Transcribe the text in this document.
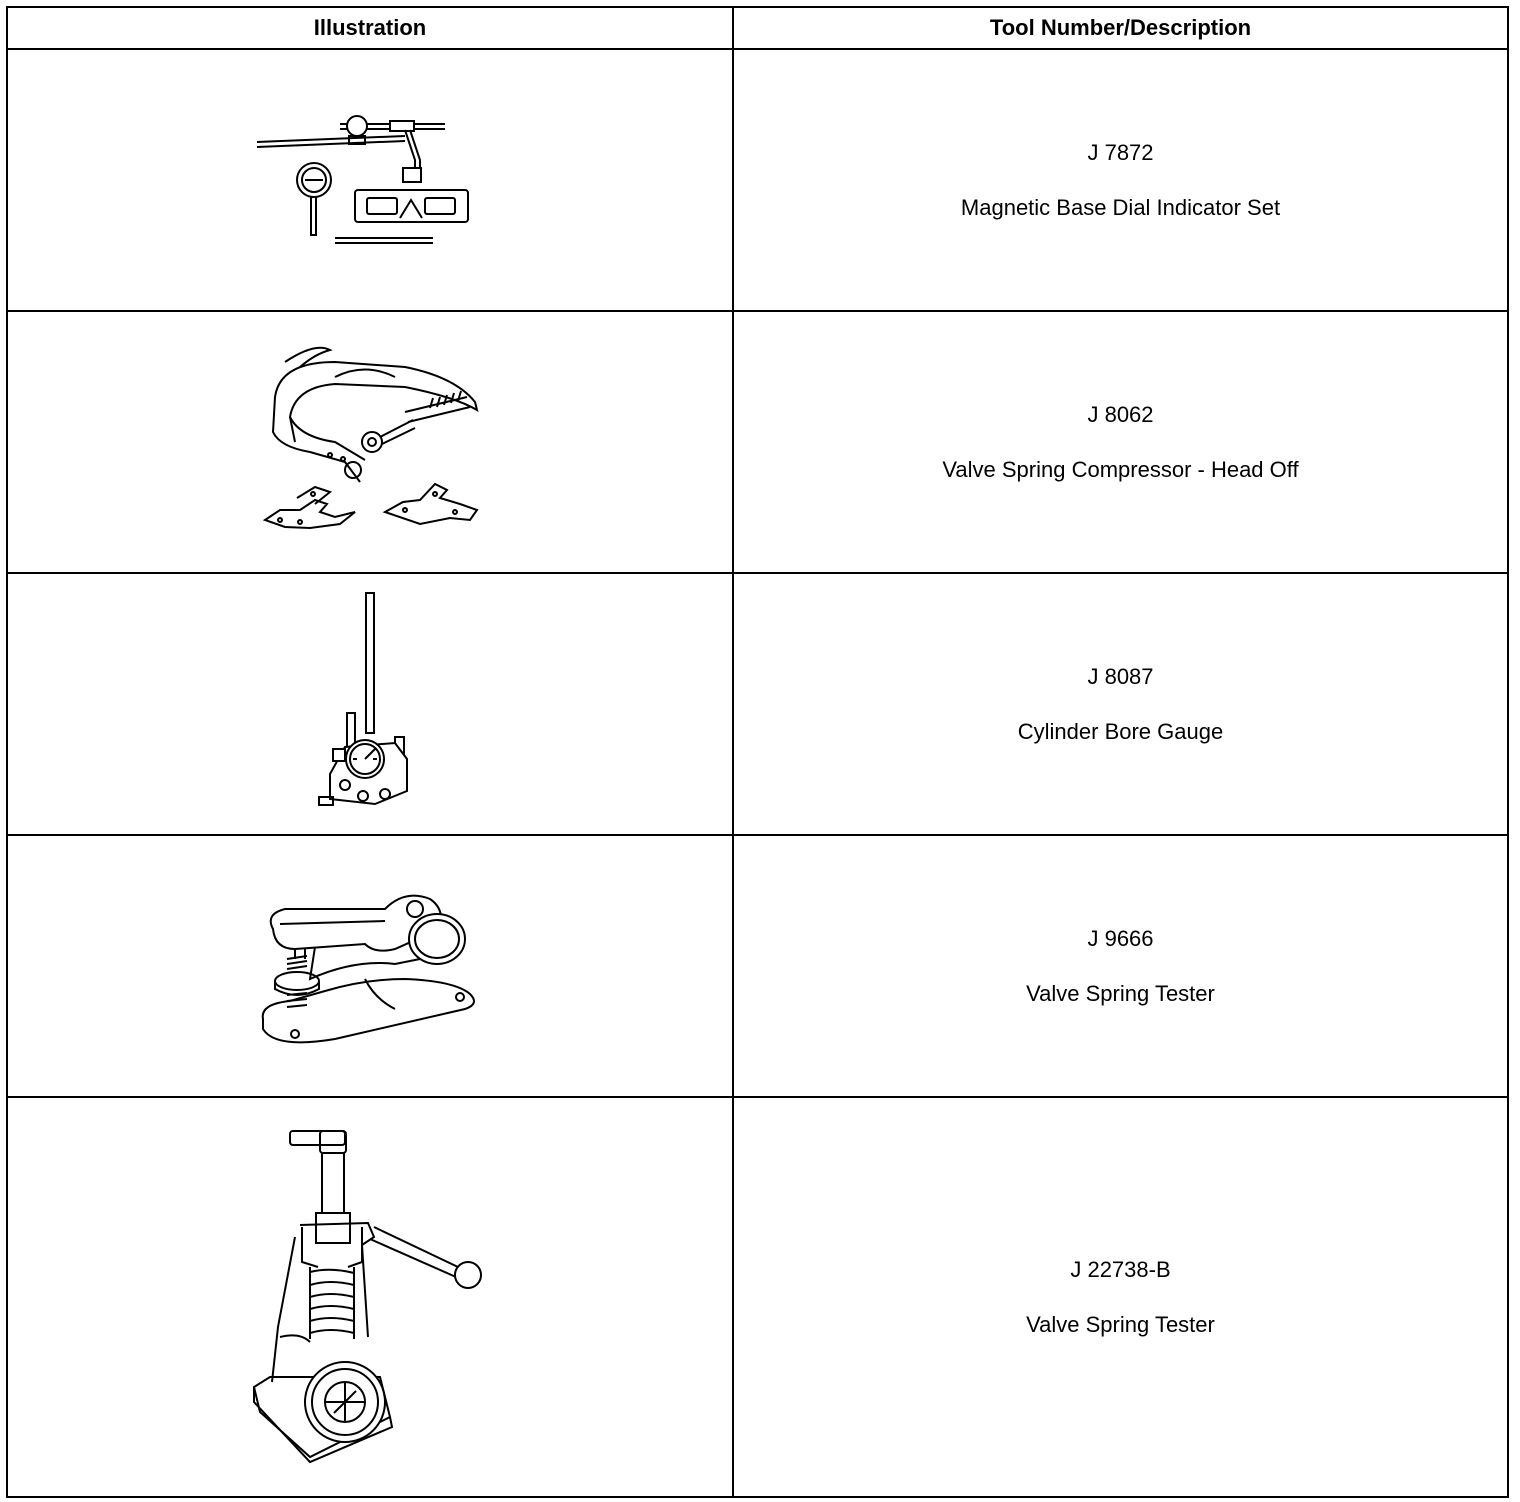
Illustration	Tool Number/Description

J 7872
Magnetic Base Dial Indicator Set

J 8062
Valve Spring Compressor - Head Off

J 8087
Cylinder Bore Gauge

J 9666
Valve Spring Tester

J 22738-B
Valve Spring Tester
